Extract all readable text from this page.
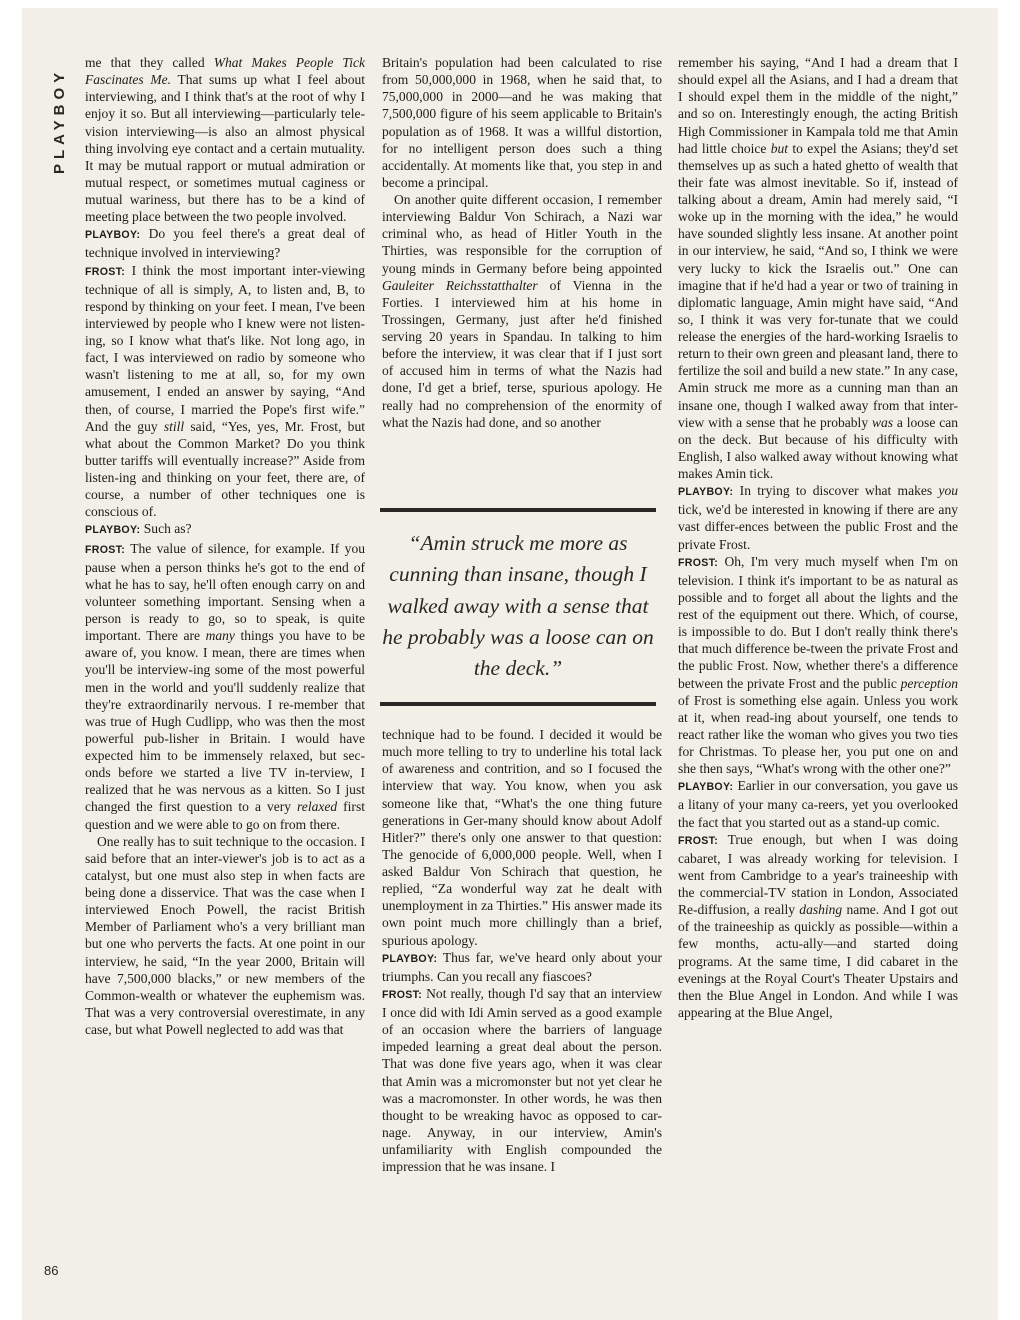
PLAYBOY

me that they called What Makes People Tick Fascinates Me. That sums up what I feel about interviewing, and I think that's at the root of why I enjoy it so. But all interviewing—particularly tele-vision interviewing—is also an almost physical thing involving eye contact and a certain mutuality. It may be mutual rapport or mutual admiration or mutual respect, or sometimes mutual caginess or mutual wariness, but there has to be a kind of meeting place between the two people involved.

PLAYBOY: Do you feel there's a great deal of technique involved in interviewing?

FROST: I think the most important inter-viewing technique of all is simply, A, to listen and, B, to respond by thinking on your feet. I mean, I've been interviewed by people who I knew were not listen-ing, so I know what that's like. Not long ago, in fact, I was interviewed on radio by someone who wasn't listening to me at all, so, for my own amusement, I ended an answer by saying, “And then, of course, I married the Pope's first wife.” And the guy still said, “Yes, yes, Mr. Frost, but what about the Common Market? Do you think butter tariffs will eventually increase?” Aside from listen-ing and thinking on your feet, there are, of course, a number of other techniques one is conscious of.

PLAYBOY: Such as?

FROST: The value of silence, for example. If you pause when a person thinks he's got to the end of what he has to say, he'll often enough carry on and volunteer something important. Sensing when a person is ready to go, so to speak, is quite important. There are many things you have to be aware of, you know. I mean, there are times when you'll be interview-ing some of the most powerful men in the world and you'll suddenly realize that they're extraordinarily nervous. I re-member that was true of Hugh Cudlipp, who was then the most powerful pub-lisher in Britain. I would have expected him to be immensely relaxed, but sec-onds before we started a live TV in-terview, I realized that he was nervous as a kitten. So I just changed the first question to a very relaxed first question and we were able to go on from there.

One really has to suit technique to the occasion. I said before that an inter-viewer's job is to act as a catalyst, but one must also step in when facts are being done a disservice. That was the case when I interviewed Enoch Powell, the racist British Member of Parliament who's a very brilliant man but one who perverts the facts. At one point in our interview, he said, “In the year 2000, Britain will have 7,500,000 blacks,” or new members of the Common-wealth or whatever the euphemism was. That was a very controversial overestimate, in any case, but what Powell neglected to add was that

Britain's population had been calculated to rise from 50,000,000 in 1968, when he said that, to 75,000,000 in 2000—and he was making that 7,500,000 figure of his seem applicable to Britain's population as of 1968. It was a willful distortion, for no intelligent person does such a thing accidentally. At moments like that, you step in and become a principal.

On another quite different occasion, I remember interviewing Baldur Von Schirach, a Nazi war criminal who, as head of Hitler Youth in the Thirties, was responsible for the corruption of young minds in Germany before being appointed Gauleiter Reichsstatthalter of Vienna in the Forties. I interviewed him at his home in Trossingen, Germany, just after he'd finished serving 20 years in Spandau. In talking to him before the interview, it was clear that if I just sort of accused him in terms of what the Nazis had done, I'd get a brief, terse, spurious apology. He really had no comprehension of the enormity of what the Nazis had done, and so another

“Amin struck me more as cunning than insane, though I walked away with a sense that he probably was a loose can on the deck.”

technique had to be found. I decided it would be much more telling to try to underline his total lack of awareness and contrition, and so I focused the interview that way. You know, when you ask someone like that, “What's the one thing future generations in Ger-many should know about Adolf Hitler?” there's only one answer to that question: The genocide of 6,000,000 people. Well, when I asked Baldur Von Schirach that question, he replied, “Za wonderful way zat he dealt with unemployment in za Thirties.” His answer made its own point much more chillingly than a brief, spurious apology.

PLAYBOY: Thus far, we've heard only about your triumphs. Can you recall any fiascoes?

FROST: Not really, though I'd say that an interview I once did with Idi Amin served as a good example of an occasion where the barriers of language impeded learning a great deal about the person. That was done five years ago, when it was clear that Amin was a micromonster but not yet clear he was a macromonster. In other words, he was then thought to be wreaking havoc as opposed to car-nage. Anyway, in our interview, Amin's unfamiliarity with English compounded the impression that he was insane. I

remember his saying, “And I had a dream that I should expel all the Asians, and I had a dream that I should expel them in the middle of the night,” and so on. Interestingly enough, the acting British High Commissioner in Kampala told me that Amin had little choice but to expel the Asians; they'd set themselves up as such a hated ghetto of wealth that their fate was almost inevitable. So if, instead of talking about a dream, Amin had merely said, “I woke up in the morning with the idea,” he would have sounded slightly less insane. At another point in our interview, he said, “And so, I think we were very lucky to kick the Israelis out.” One can imagine that if he'd had a year or two of training in diplomatic language, Amin might have said, “And so, I think it was very for-tunate that we could release the energies of the hard-working Israelis to return to their own green and pleasant land, there to fertilize the soil and build a new state.” In any case, Amin struck me more as a cunning man than an insane one, though I walked away from that inter-view with a sense that he probably was a loose can on the deck. But because of his difficulty with English, I also walked away without knowing what makes Amin tick.

PLAYBOY: In trying to discover what makes you tick, we'd be interested in knowing if there are any vast differ-ences between the public Frost and the private Frost.

FROST: Oh, I'm very much myself when I'm on television. I think it's important to be as natural as possible and to forget all about the lights and the rest of the equipment out there. Which, of course, is impossible to do. But I don't really think there's that much difference be-tween the private Frost and the public Frost. Now, whether there's a difference between the private Frost and the public perception of Frost is something else again. Unless you work at it, when read-ing about yourself, one tends to react rather like the woman who gives you two ties for Christmas. To please her, you put one on and she then says, “What's wrong with the other one?”

PLAYBOY: Earlier in our conversation, you gave us a litany of your many ca-reers, yet you overlooked the fact that you started out as a stand-up comic.

FROST: True enough, but when I was doing cabaret, I was already working for television. I went from Cambridge to a year's traineeship with the commercial-TV station in London, Associated Re-diffusion, a really dashing name. And I got out of the traineeship as quickly as possible—within a few months, actu-ally—and started doing programs. At the same time, I did cabaret in the evenings at the Royal Court's Theater Upstairs and then the Blue Angel in London. And while I was appearing at the Blue Angel,

86
